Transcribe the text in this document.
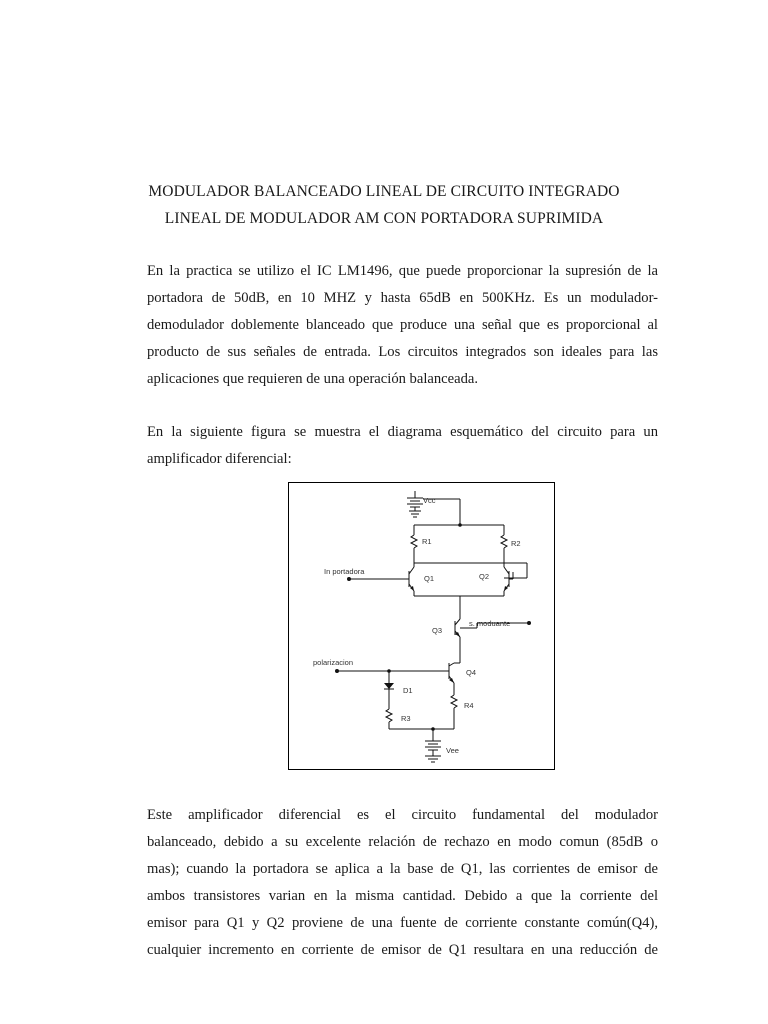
MODULADOR BALANCEADO LINEAL DE CIRCUITO INTEGRADO
LINEAL DE MODULADOR AM CON PORTADORA SUPRIMIDA
En la practica se utilizo el IC LM1496, que puede proporcionar la supresión de la
portadora de 50dB, en 10 MHZ y hasta 65dB en 500KHz. Es un modulador-
demodulador doblemente blanceado que produce una señal que es proporcional al
producto de sus señales de entrada. Los circuitos integrados son ideales para las
aplicaciones que requieren de una operación balanceada.
En la siguiente figura se muestra el diagrama esquemático del circuito para un
amplificador diferencial:
Vcc
R1	R2
In portadora
Q1	Q2
Q3
s. moduante
polarizacion
Q4
D1
R3
R4
Vee
Este amplificador diferencial es el circuito fundamental del modulador
balanceado, debido a su excelente relación de rechazo en modo comun (85dB o
mas); cuando la portadora se aplica a la base de Q1, las corrientes de emisor de
ambos transistores varian en la misma cantidad. Debido a que la corriente del
emisor para Q1 y Q2 proviene de una fuente de corriente constante común(Q4),
cualquier incremento en corriente de emisor de Q1 resultara en una reducción de
